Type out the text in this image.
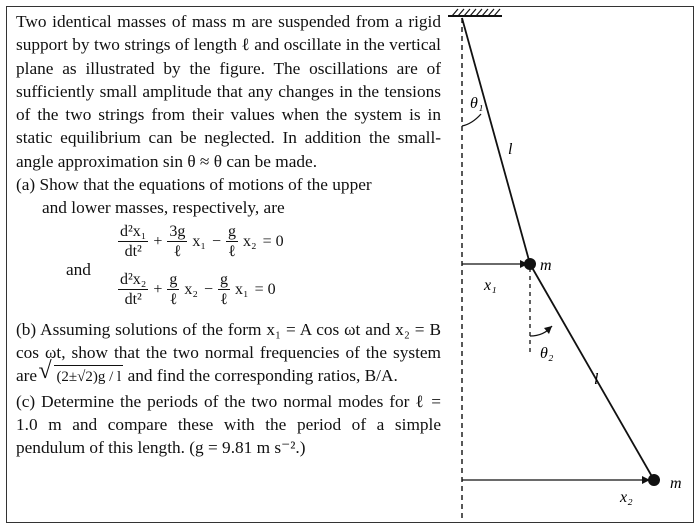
Two identical masses of mass m are suspended from a rigid support by two strings of length ℓ and oscillate in the vertical plane as illustrated by the figure. The oscillations are of sufficiently small amplitude that any changes in the tensions of the two strings from their values when the system is in static equilibrium can be neglected. In addition the small-angle approximation sin θ ≈ θ can be made.
(a) Show that the equations of motions of the upper
and lower masses, respectively, are
$\frac{\text{d²x₁}}{\text{dt²}} + \frac{3g}{\text{ℓ}} x_1 - \frac{g}{\text{ℓ}} x_2 = 0$
and
$\frac{\text{d²x₂}}{\text{dt²}} + \frac{g}{\text{ℓ}} x_2 - \frac{g}{\text{ℓ}} x_1 = 0$
(b) Assuming solutions of the form x₁ = A cos ωt and x₂ = B cos ωt, show that the two normal frequencies of the system are √ (2±√2)g / l and find the corresponding ratios, B/A.
(c) Determine the periods of the two normal modes for ℓ = 1.0 m and compare these with the period of a simple pendulum of this length. (g = 9.81 m s⁻².)
θ₁
l
m
x₁
θ₂
l
m
x₂
